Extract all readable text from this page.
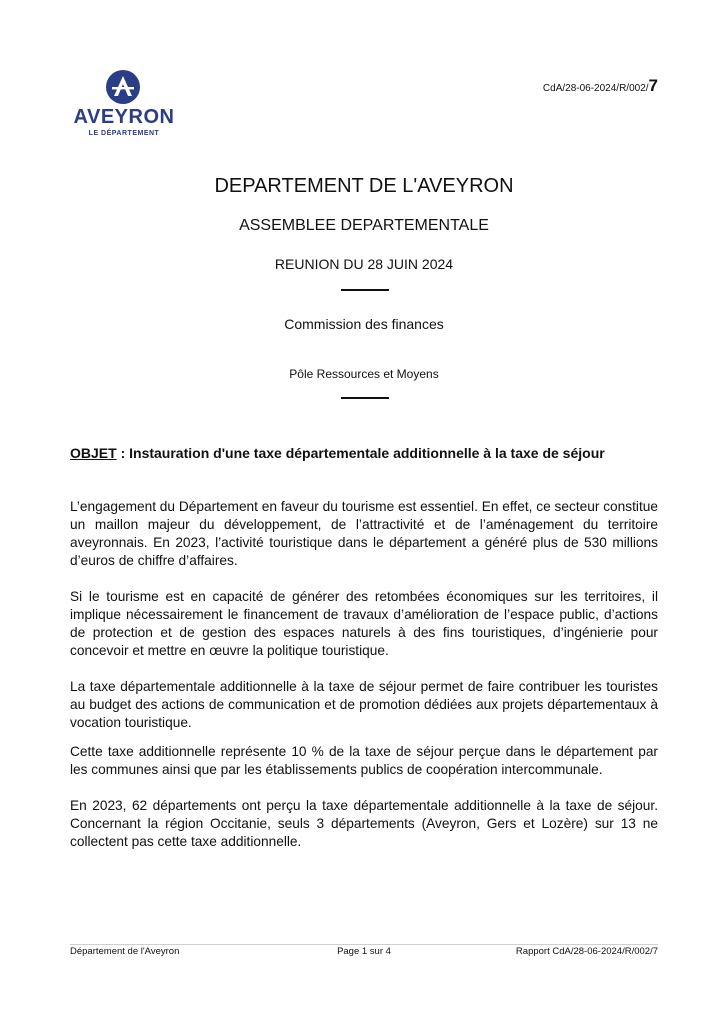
AVEYRON
LE DÉPARTEMENT
CdA/28-06-2024/R/002/7
DEPARTEMENT DE L'AVEYRON
ASSEMBLEE DEPARTEMENTALE
REUNION DU 28 JUIN 2024
Commission des finances
Pôle Ressources et Moyens
OBJET : Instauration d'une taxe départementale additionnelle à la taxe de séjour
L’engagement du Département en faveur du tourisme est essentiel. En effet, ce secteur constitue un maillon majeur du développement, de l’attractivité et de l’aménagement du territoire aveyronnais. En 2023, l’activité touristique dans le département a généré plus de 530 millions d’euros de chiffre d’affaires.
Si le tourisme est en capacité de générer des retombées économiques sur les territoires, il implique nécessairement le financement de travaux d’amélioration de l’espace public, d’actions de protection et de gestion des espaces naturels à des fins touristiques, d’ingénierie pour concevoir et mettre en œuvre la politique touristique.
La taxe départementale additionnelle à la taxe de séjour permet de faire contribuer les touristes au budget des actions de communication et de promotion dédiées aux projets départementaux à vocation touristique.
Cette taxe additionnelle représente 10 % de la taxe de séjour perçue dans le département par les communes ainsi que par les établissements publics de coopération intercommunale.
En 2023, 62 départements ont perçu la taxe départementale additionnelle à la taxe de séjour. Concernant la région Occitanie, seuls 3 départements (Aveyron, Gers et Lozère) sur 13 ne collectent pas cette taxe additionnelle.
Département de l'Aveyron	Page 1 sur 4	Rapport CdA/28-06-2024/R/002/7
